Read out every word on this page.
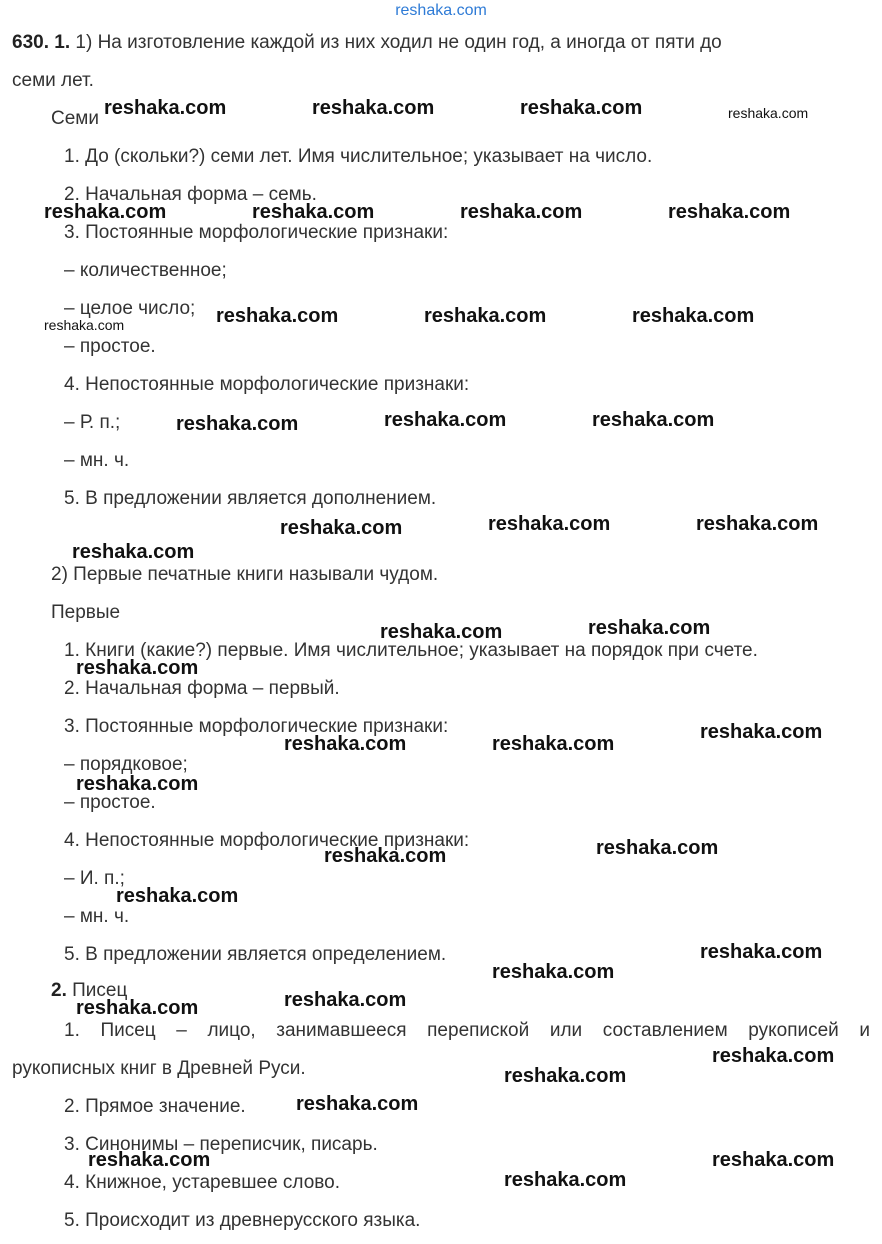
reshaka.com
630. 1. 1) На изготовление каждой из них ходил не один год, а иногда от пяти до
семи лет.
Семи
1. До (скольки?) семи лет. Имя числительное; указывает на число.
2. Начальная форма – семь.
3. Постоянные морфологические признаки:
– количественное;
– целое число;
– простое.
4. Непостоянные морфологические признаки:
– Р. п.;
– мн. ч.
5. В предложении является дополнением.
2) Первые печатные книги называли чудом.
Первые
1. Книги (какие?) первые. Имя числительное; указывает на порядок при счете.
2. Начальная форма – первый.
3. Постоянные морфологические признаки:
– порядковое;
– простое.
4. Непостоянные морфологические признаки:
– И. п.;
– мн. ч.
5. В предложении является определением.
2. Писец
1. Писец – лицо, занимавшееся перепиской или составлением рукописей и
рукописных книг в Древней Руси.
2. Прямое значение.
3. Синонимы – переписчик, писарь.
4. Книжное, устаревшее слово.
5. Происходит из древнерусского языка.
reshaka.com	reshaka.com	reshaka.com	reshaka.com
reshaka.com	reshaka.com	reshaka.com	reshaka.com
reshaka.com	reshaka.com	reshaka.com	reshaka.com
reshaka.com	reshaka.com	reshaka.com
reshaka.com	reshaka.com	reshaka.com
reshaka.com
reshaka.com	reshaka.com
reshaka.com
reshaka.com	reshaka.com
reshaka.com
reshaka.com
reshaka.com	reshaka.com
reshaka.com
reshaka.com
reshaka.com
reshaka.com
reshaka.com
reshaka.com
reshaka.com
reshaka.com
reshaka.com	reshaka.com
reshaka.com
